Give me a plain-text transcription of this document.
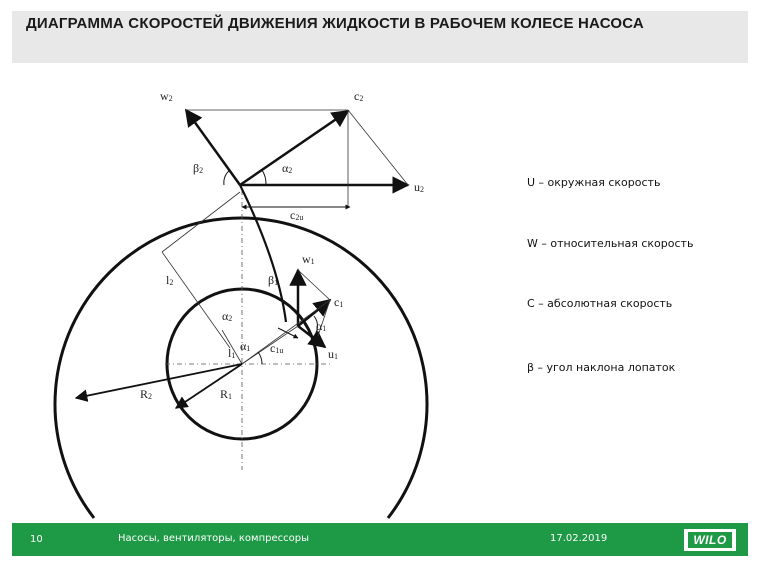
ДИАГРАММА СКОРОСТЕЙ ДВИЖЕНИЯ ЖИДКОСТИ В РАБОЧЕМ КОЛЕСЕ НАСОСА
w2	c2
β2	α2
u2
c2u
l2
w1
β1
c1
α2
α1
l1
α1 c1u	u1
R2	R1
U – окружная скорость
W – относительная скорость
C – абсолютная скорость
β – угол наклона лопаток
10	Насосы, вентиляторы, компрессоры	17.02.2019	WILO
